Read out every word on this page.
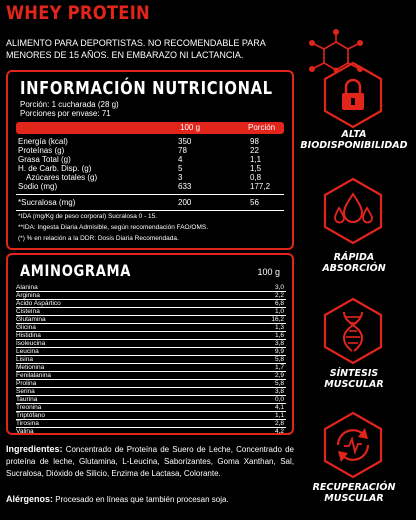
WHEY PROTEIN
ALIMENTO PARA DEPORTISTAS. NO RECOMENDABLE PARA MENORES DE 15 AÑOS. EN EMBARAZO NI LACTANCIA.
INFORMACIÓN NUTRICIONAL
Porción: 1 cucharada (28 g)
Porciones por envase: 71
100 g	Porción
Energía (kcal)	350	98
Proteínas (g)	78	22
Grasa Total (g)	4	1,1
H. de Carb. Disp. (g)	5	1,5
Azúcares totales (g)	3	0,8
Sodio (mg)	633	177,2
*Sucralosa (mg)	200	56
*IDA (mg/Kg de peso corporal) Sucralosa 0 - 15.
**IDA: Ingesta Diaria Admisible, según recomendación FAO/OMS.
(*) % en relación a la DDR: Dosis Diaria Recomendada.
AMINOGRAMA	100 g
Alanina	3,0
Arginina	2,2
Ácido Aspártico	6,8
Cisteína	1,0
Glutamina	16,2
Glicina	1,3
Histidina	1,6
Isoleucina	3,8
Leucina	9,9
Lisina	5,8
Metionina	1,7
Fenilalanina	2,9
Prolina	5,8
Serina	3,8
Taurina	0,0
Treonina	4,1
Triptófano	1,1
Tirosina	2,8
Valina	4,2
Ingredientes: Concentrado de Proteína de Suero de Leche, Concentrado de proteína de leche, Glutamina, L-Leucina, Saborizantes, Goma Xanthan, Sal, Sucralosa, Dióxido de Silicio, Enzima de Lactasa, Colorante.
Alérgenos: Procesado en líneas que también procesan soja.
ALTA
BIODISPONIBILIDAD
RÁPIDA
ABSORCIÓN
SÍNTESIS
MUSCULAR
RECUPERACIÓN
MUSCULAR
